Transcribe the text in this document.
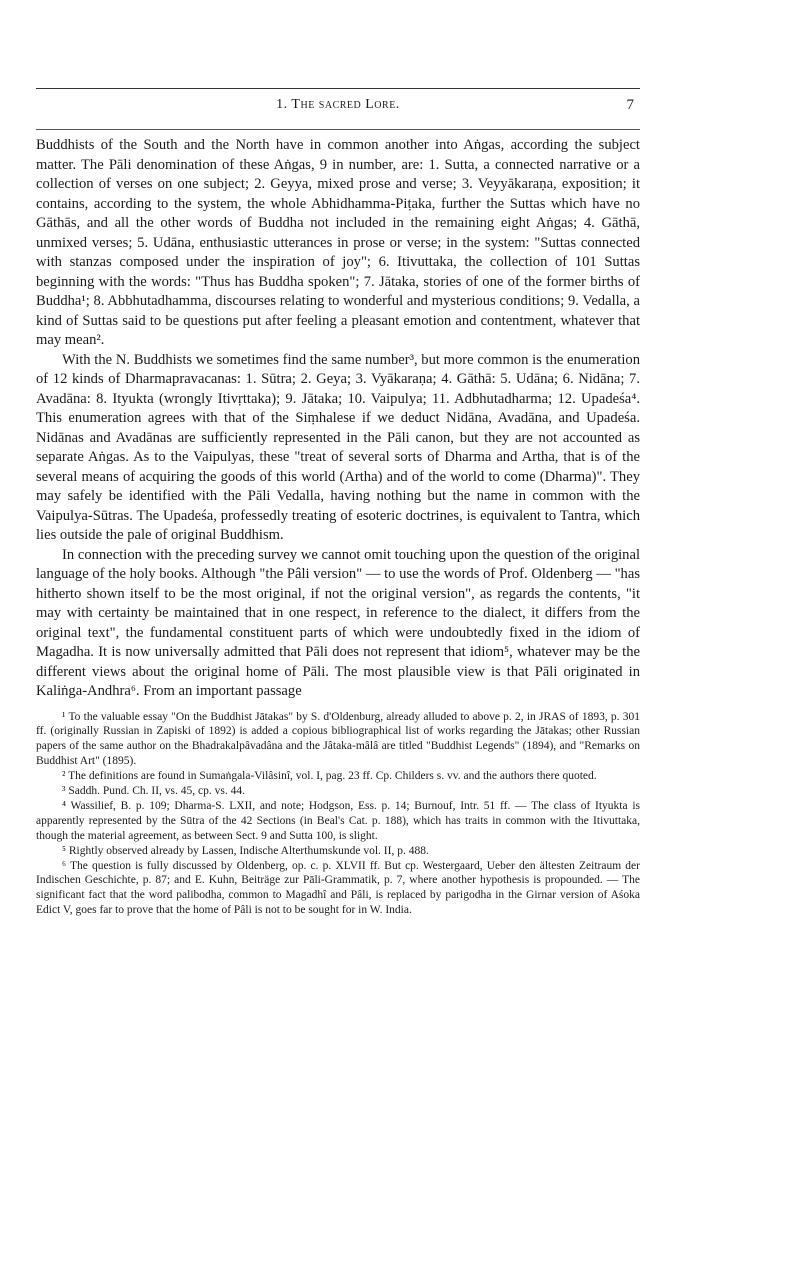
1. The sacred Lore.	7

Buddhists of the South and the North have in common another into Aṅgas, according the subject matter. The Pāli denomination of these Aṅgas, 9 in number, are: 1. Sutta, a connected narrative or a collection of verses on one subject; 2. Geyya, mixed prose and verse; 3. Veyyākaraṇa, exposition; it contains, according to the system, the whole Abhidhamma-Piṭaka, further the Suttas which have no Gāthās, and all the other words of Buddha not included in the remaining eight Aṅgas; 4. Gāthā, unmixed verses; 5. Udāna, enthusiastic utterances in prose or verse; in the system: "Suttas connected with stanzas composed under the inspiration of joy"; 6. Itivuttaka, the collection of 101 Suttas beginning with the words: "Thus has Buddha spoken"; 7. Jātaka, stories of one of the former births of Buddha¹; 8. Abbhutadhamma, discourses relating to wonderful and mysterious conditions; 9. Vedalla, a kind of Suttas said to be questions put after feeling a pleasant emotion and contentment, whatever that may mean².

With the N. Buddhists we sometimes find the same number³, but more common is the enumeration of 12 kinds of Dharmapravacanas: 1. Sūtra; 2. Geya; 3. Vyākaraṇa; 4. Gāthā: 5. Udāna; 6. Nidāna; 7. Avadāna: 8. Ityukta (wrongly Itivṛttaka); 9. Jātaka; 10. Vaipulya; 11. Adbhutadharma; 12. Upadeśa⁴. This enumeration agrees with that of the Siṃhalese if we deduct Nidāna, Avadāna, and Upadeśa. Nidānas and Avadānas are sufficiently represented in the Pāli canon, but they are not accounted as separate Aṅgas. As to the Vaipulyas, these "treat of several sorts of Dharma and Artha, that is of the several means of acquiring the goods of this world (Artha) and of the world to come (Dharma)". They may safely be identified with the Pāli Vedalla, having nothing but the name in common with the Vaipulya-Sūtras. The Upadeśa, professedly treating of esoteric doctrines, is equivalent to Tantra, which lies outside the pale of original Buddhism.

In connection with the preceding survey we cannot omit touching upon the question of the original language of the holy books. Although "the Pâli version" — to use the words of Prof. Oldenberg — "has hitherto shown itself to be the most original, if not the original version", as regards the contents, "it may with certainty be maintained that in one respect, in reference to the dialect, it differs from the original text", the fundamental constituent parts of which were undoubtedly fixed in the idiom of Magadha. It is now universally admitted that Pāli does not represent that idiom⁵, whatever may be the different views about the original home of Pāli. The most plausible view is that Pāli originated in Kaliṅga-Andhra⁶. From an important passage

¹ To the valuable essay "On the Buddhist Jātakas" by S. d'Oldenburg, already alluded to above p. 2, in JRAS of 1893, p. 301 ff. (originally Russian in Zapiski of 1892) is added a copious bibliographical list of works regarding the Jātakas; other Russian papers of the same author on the Bhadrakalpâvadâna and the Jâtaka-mâlâ are titled "Buddhist Legends" (1894), and "Remarks on Buddhist Art" (1895).

² The definitions are found in Sumaṅgala-Vilâsinî, vol. I, pag. 23 ff. Cp. Childers s. vv. and the authors there quoted.

³ Saddh. Pund. Ch. II, vs. 45, cp. vs. 44.

⁴ Wassilief, B. p. 109; Dharma-S. LXII, and note; Hodgson, Ess. p. 14; Burnouf, Intr. 51 ff. — The class of Ityukta is apparently represented by the Sūtra of the 42 Sections (in Beal's Cat. p. 188), which has traits in common with the Itivuttaka, though the material agreement, as between Sect. 9 and Sutta 100, is slight.

⁵ Rightly observed already by Lassen, Indische Alterthumskunde vol. II, p. 488.

⁶ The question is fully discussed by Oldenberg, op. c. p. XLVII ff. But cp. Westergaard, Ueber den ältesten Zeitraum der Indischen Geschichte, p. 87; and E. Kuhn, Beiträge zur Pāli-Grammatik, p. 7, where another hypothesis is propounded. — The significant fact that the word palibodha, common to Magadhî and Pâli, is replaced by parigodha in the Girnar version of Aśoka Edict V, goes far to prove that the home of Pâli is not to be sought for in W. India.
